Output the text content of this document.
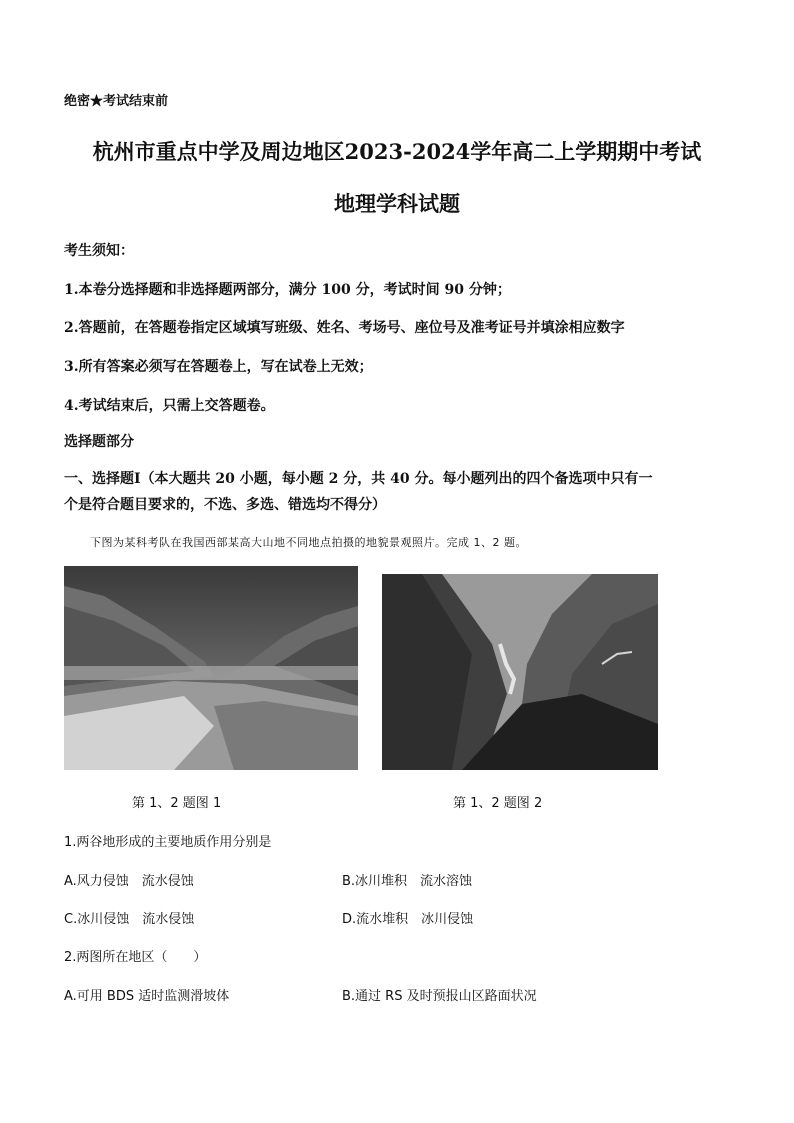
绝密★考试结束前
杭州市重点中学及周边地区2023-2024学年高二上学期期中考试
地理学科试题
考生须知：
1.本卷分选择题和非选择题两部分，满分 100 分，考试时间 90 分钟；
2.答题前，在答题卷指定区域填写班级、姓名、考场号、座位号及准考证号并填涂相应数字
3.所有答案必须写在答题卷上，写在试卷上无效；
4.考试结束后，只需上交答题卷。
选择题部分
一、选择题Ⅰ（本大题共 20 小题，每小题 2 分，共 40 分。每小题列出的四个备选项中只有一
个是符合题目要求的，不选、多选、错选均不得分）
下图为某科考队在我国西部某高大山地不同地点拍摄的地貌景观照片。完成 1、2 题。
第 1、2 题图 1	第 1、2 题图 2
1.两谷地形成的主要地质作用分别是
A.风力侵蚀　流水侵蚀	B.冰川堆积　流水溶蚀
C.冰川侵蚀　流水侵蚀	D.流水堆积　冰川侵蚀
2.两图所在地区（　　）
A.可用 BDS 适时监测滑坡体	B.通过 RS 及时预报山区路面状况
